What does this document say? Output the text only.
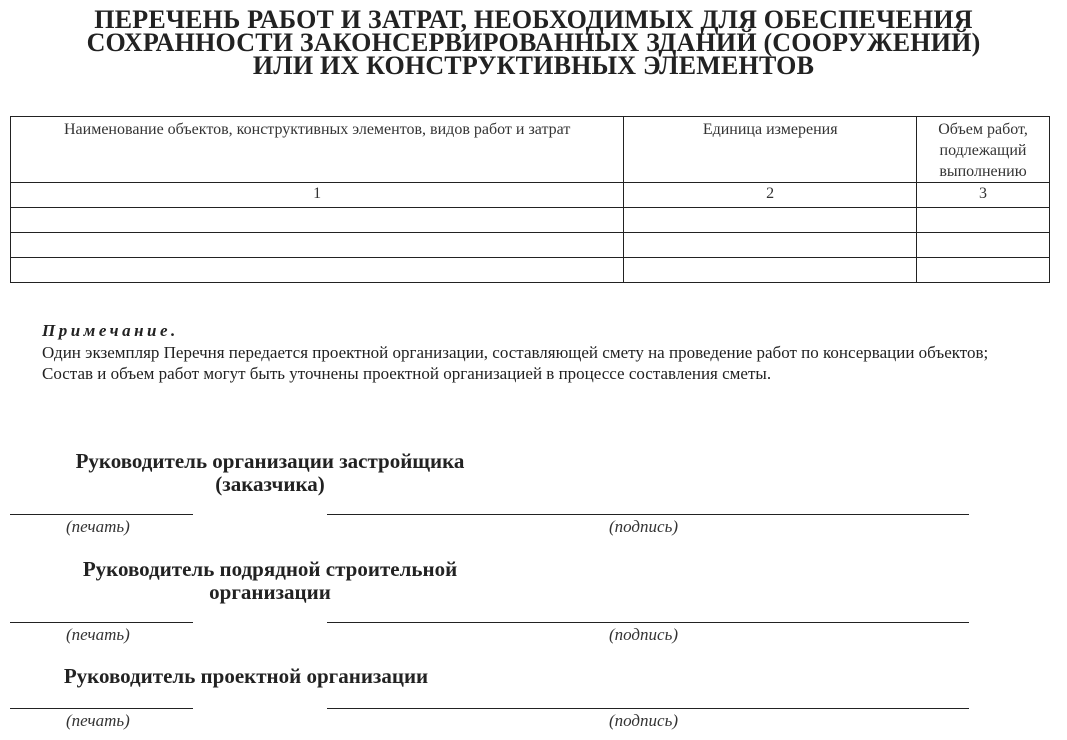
ПЕРЕЧЕНЬ РАБОТ И ЗАТРАТ, НЕОБХОДИМЫХ ДЛЯ ОБЕСПЕЧЕНИЯ
СОХРАННОСТИ ЗАКОНСЕРВИРОВАННЫХ ЗДАНИЙ (СООРУЖЕНИЙ)
ИЛИ ИХ КОНСТРУКТИВНЫХ ЭЛЕМЕНТОВ
Наименование объектов, конструктивных элементов, видов работ и затрат	Единица измерения	Объем работ, подлежащий выполнению
1	2	3

Примечание.

Один экземпляр Перечня передается проектной организации, составляющей смету на проведение работ по консервации объектов;

Состав и объем работ могут быть уточнены проектной организацией в процессе составления сметы.

Руководитель организации застройщика
(заказчика)
(печать)	(подпись)
Руководитель подрядной строительной
организации
(печать)	(подпись)
Руководитель проектной организации
(печать)	(подпись)
